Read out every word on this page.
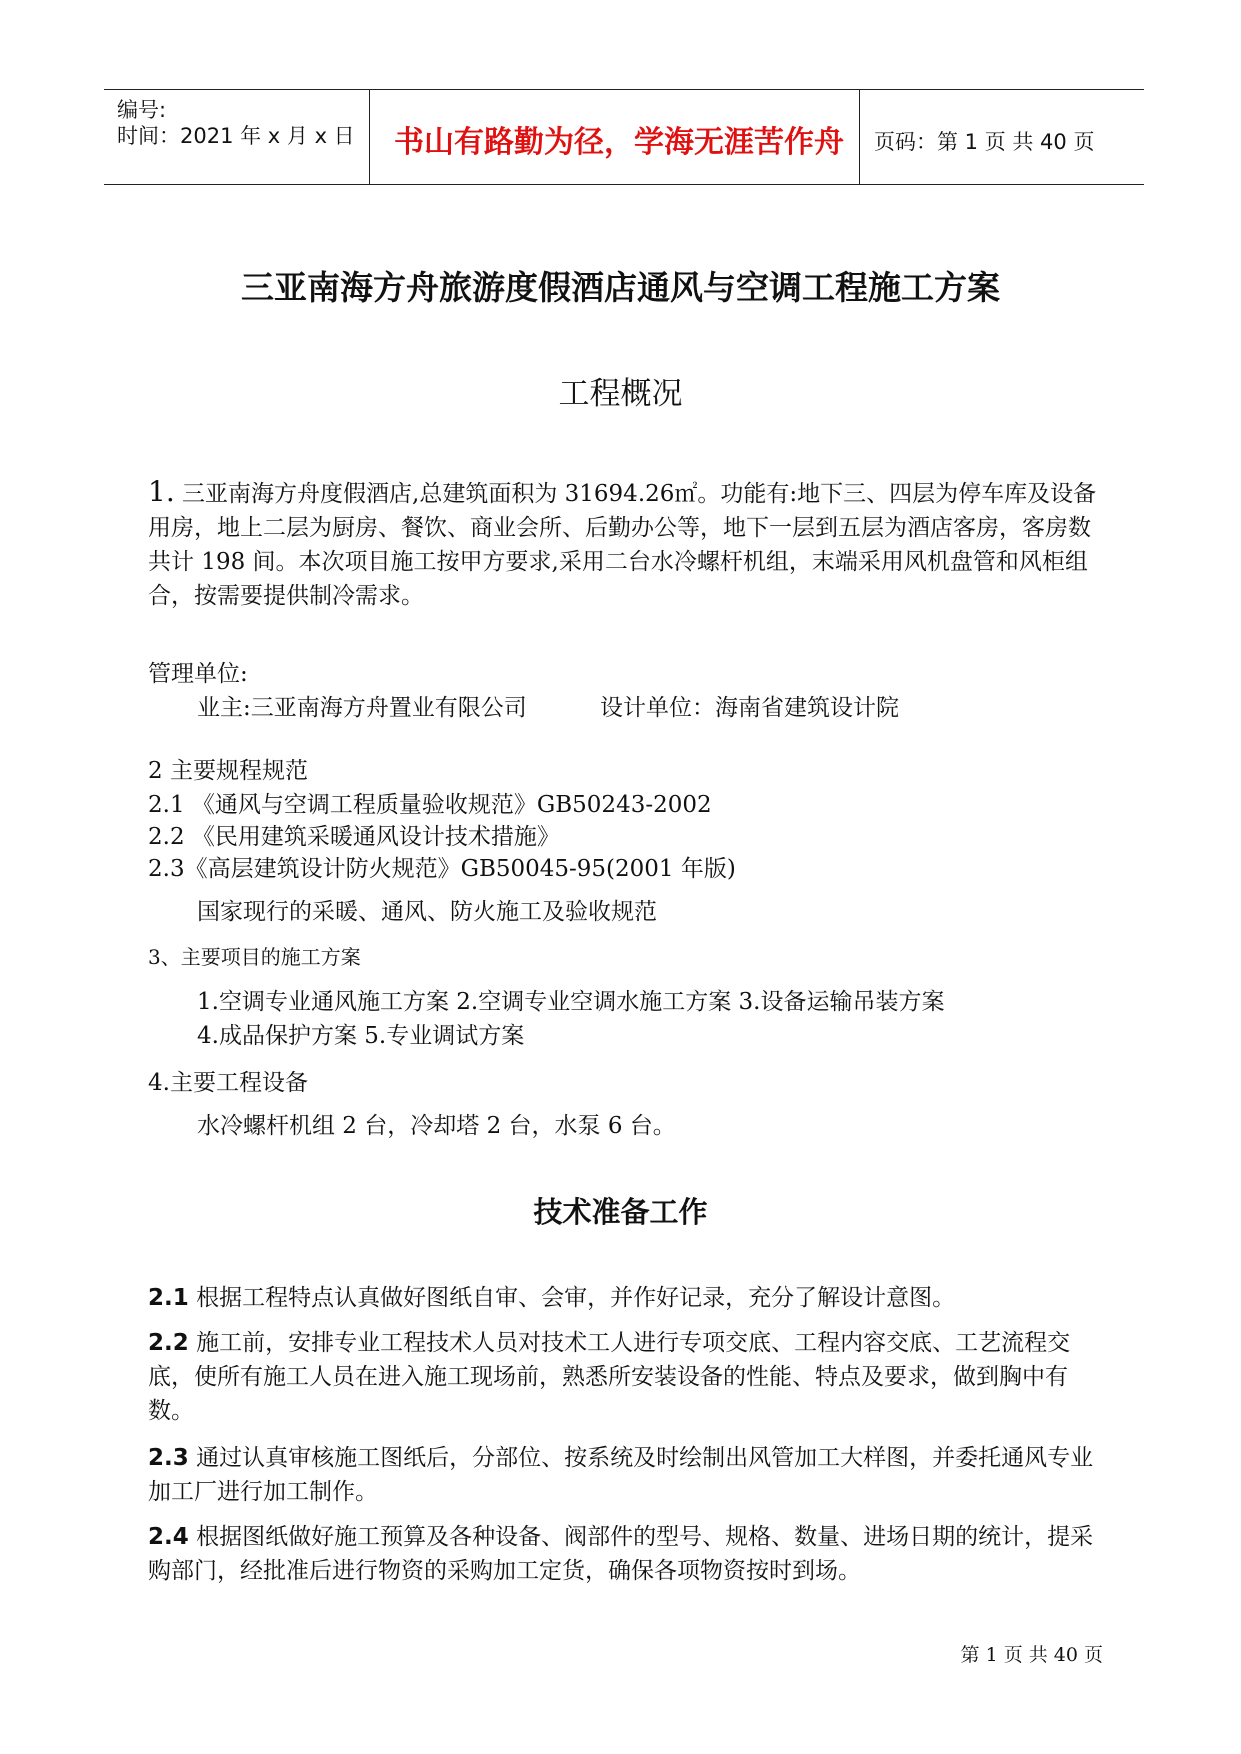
编号:
时间：2021 年 x 月 x 日 书山有路勤为径，学海无涯苦作舟 页码：第 1 页 共 40 页
三亚南海方舟旅游度假酒店通风与空调工程施工方案
工程概况

1. 三亚南海方舟度假酒店,总建筑面积为 31694.26㎡。功能有:地下三、四层为停车库及设备用房，地上二层为厨房、餐饮、商业会所、后勤办公等，地下一层到五层为酒店客房，客房数共计 198 间。本次项目施工按甲方要求,采用二台水冷螺杆机组，末端采用风机盘管和风柜组合，按需要提供制冷需求。

管理单位:
业主:三亚南海方舟置业有限公司	设计单位：海南省建筑设计院
2 主要规程规范
2.1 《通风与空调工程质量验收规范》GB50243-2002
2.2 《民用建筑采暖通风设计技术措施》
2.3《高层建筑设计防火规范》GB50045-95(2001 年版)
国家现行的采暖、通风、防火施工及验收规范
3、主要项目的施工方案
1.空调专业通风施工方案 2.空调专业空调水施工方案 3.设备运输吊装方案
4.成品保护方案 5.专业调试方案
4.主要工程设备
水冷螺杆机组 2 台，冷却塔 2 台，水泵 6 台。
技术准备工作

2.1 根据工程特点认真做好图纸自审、会审，并作好记录，充分了解设计意图。

2.2 施工前，安排专业工程技术人员对技术工人进行专项交底、工程内容交底、工艺流程交底，使所有施工人员在进入施工现场前，熟悉所安装设备的性能、特点及要求，做到胸中有数。

2.3 通过认真审核施工图纸后，分部位、按系统及时绘制出风管加工大样图，并委托通风专业加工厂进行加工制作。

2.4 根据图纸做好施工预算及各种设备、阀部件的型号、规格、数量、进场日期的统计，提采购部门，经批准后进行物资的采购加工定货，确保各项物资按时到场。

第 1 页 共 40 页
